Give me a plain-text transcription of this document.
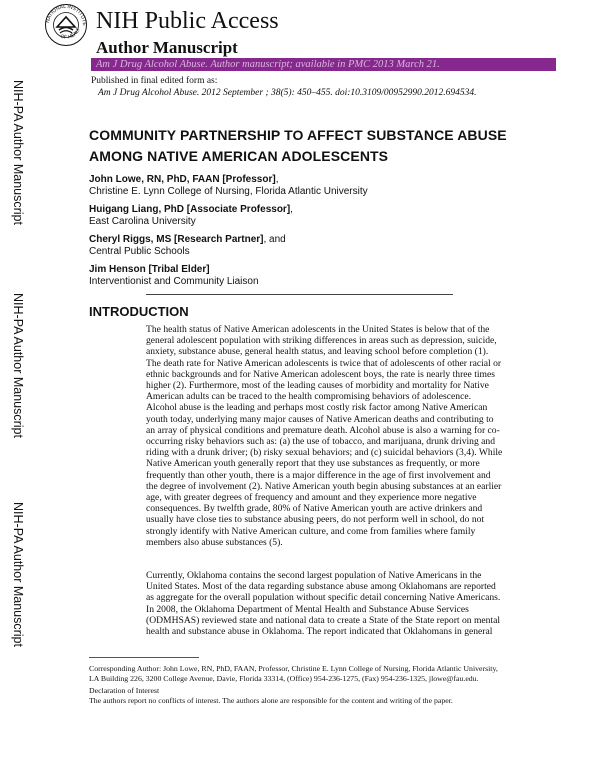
NATIONAL INSTITUTE
OF HEALT NIH Public Access
Author Manuscript
Am J Drug Alcohol Abuse. Author manuscript; available in PMC 2013 March 21.
Published in final edited form as:
Am J Drug Alcohol Abuse. 2012 September ; 38(5): 450–455. doi:10.3109/00952990.2012.694534.
NIH-PA Author Manuscript
NIH-PA Author Manuscript
NIH-PA Author Manuscript
COMMUNITY PARTNERSHIP TO AFFECT SUBSTANCE ABUSE
AMONG NATIVE AMERICAN ADOLESCENTS
John Lowe, RN, PhD, FAAN [Professor],
Christine E. Lynn College of Nursing, Florida Atlantic University
Huigang Liang, PhD [Associate Professor],
East Carolina University
Cheryl Riggs, MS [Research Partner], and
Central Public Schools
Jim Henson [Tribal Elder]
Interventionist and Community Liaison
INTRODUCTION
The health status of Native American adolescents in the United States is below that of the
general adolescent population with striking differences in areas such as depression, suicide,
anxiety, substance abuse, general health status, and leaving school before completion (1).
The death rate for Native American adolescents is twice that of adolescents of other racial or
ethnic backgrounds and for Native American adolescent boys, the rate is nearly three times
higher (2). Furthermore, most of the leading causes of morbidity and mortality for Native
American adults can be traced to the health compromising behaviors of adolescence.
Alcohol abuse is the leading and perhaps most costly risk factor among Native American
youth today, underlying many major causes of Native American deaths and contributing to
an array of physical conditions and premature death. Alcohol abuse is also a warning for co-
occurring risky behaviors such as: (a) the use of tobacco, and marijuana, drunk driving and
riding with a drunk driver; (b) risky sexual behaviors; and (c) suicidal behaviors (3,4). While
Native American youth generally report that they use substances as frequently, or more
frequently than other youth, there is a major difference in the age of first involvement and
the degree of involvement (2). Native American youth begin abusing substances at an earlier
age, with greater degrees of frequency and amount and they experience more negative
consequences. By twelfth grade, 80% of Native American youth are active drinkers and
usually have close ties to substance abusing peers, do not perform well in school, do not
strongly identify with Native American culture, and come from families where family
members also abuse substances (5).
Currently, Oklahoma contains the second largest population of Native Americans in the
United States. Most of the data regarding substance abuse among Oklahomans are reported
as aggregate for the overall population without specific detail concerning Native Americans.
In 2008, the Oklahoma Department of Mental Health and Substance Abuse Services
(ODMHSAS) reviewed state and national data to create a State of the State report on mental
health and substance abuse in Oklahoma. The report indicated that Oklahomans in general
Corresponding Author: John Lowe, RN, PhD, FAAN, Professor, Christine E. Lynn College of Nursing, Florida Atlantic University,
LA Building 226, 3200 College Avenue, Davie, Florida 33314, (Office) 954-236-1275, (Fax) 954-236-1325, jlowe@fau.edu.
Declaration of Interest
The authors report no conflicts of interest. The authors alone are responsible for the content and writing of the paper.
